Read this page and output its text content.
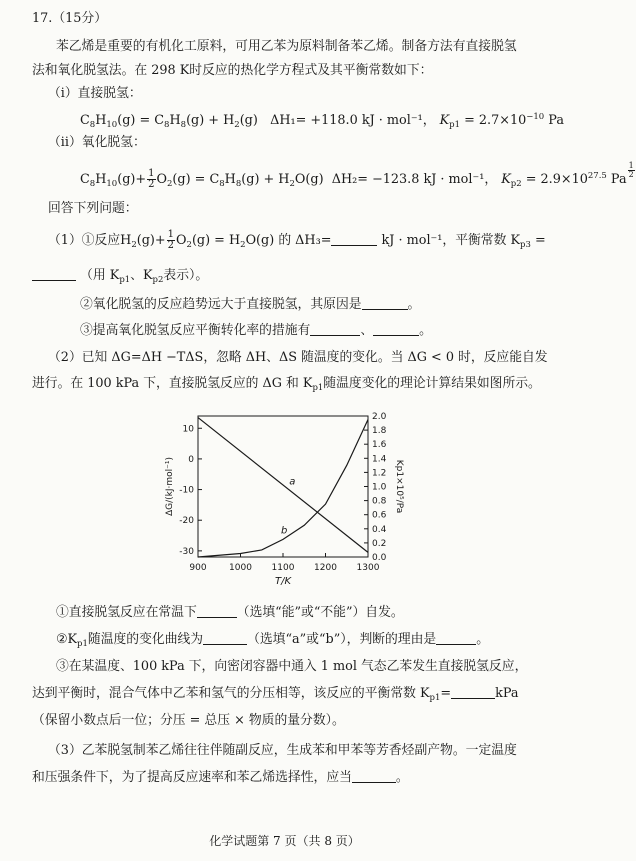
17.（15分）
苯乙烯是重要的有机化工原料，可用乙苯为原料制备苯乙烯。制备方法有直接脱氢
法和氧化脱氢法。在 298 K时反应的热化学方程式及其平衡常数如下：
（i）直接脱氢：
$C_8H_{10}(g) = C_8H_8(g) + H_2(g)$   ΔH₁= +118.0 kJ · mol⁻¹， $K_{p1} = 2.7\times 10^{-10}$ Pa
（ii）氧化脱氢：
$C_8H_{10}(g)+ \frac{1}{2} O_2(g) = C_8H_8(g) + H_2O(g)$  ΔH₂= −123.8 kJ · mol⁻¹， $K_{p2} = 2.9\times 10^{27.5}$ Pa
$\frac{1}{2}$
回答下列问题：
（1）①反应$H_2(g)+ \frac{1}{2} O_2(g) = H_2O(g)$ 的 ΔH₃=	kJ · mol⁻¹，平衡常数 $K_{p3}$ =
（用 $K_{p1}$、$K_{p2}$表示）。
②氧化脱氢的反应趋势远大于直接脱氢，其原因是	。
③提高氧化脱氢反应平衡转化率的措施有	、	。
（2）已知 ΔG=ΔH −TΔS，忽略 ΔH、ΔS 随温度的变化。当 ΔG < 0 时，反应能自发
进行。在 100 kPa 下，直接脱氢反应的 ΔG 和 $K_{p1}$随温度变化的理论计算结果如图所示。
900 1000 1100 1200 1300
T/K
10
0
-10
-20
-30
ΔG/(kJ·mol⁻¹)
0.0
0.2
0.4
0.6
0.8
1.0
1.2
1.4
1.6
1.8
2.0
Kp1×10⁵/Pa
a
b
①直接脱氢反应在常温下	（选填“能”或“不能”）自发。
$②K_{p1}$随温度的变化曲线为	（选填“a”或“b”），判断的理由是	。
③在某温度、100 kPa 下，向密闭容器中通入 1 mol 气态乙苯发生直接脱氢反应，
达到平衡时，混合气体中乙苯和氢气的分压相等，该反应的平衡常数 $K_{p1}=$	kPa
（保留小数点后一位；分压 = 总压 × 物质的量分数）。
（3）乙苯脱氢制苯乙烯往往伴随副反应，生成苯和甲苯等芳香烃副产物。一定温度
和压强条件下，为了提高反应速率和苯乙烯选择性，应当	。
化学试题第 7 页（共 8 页）
